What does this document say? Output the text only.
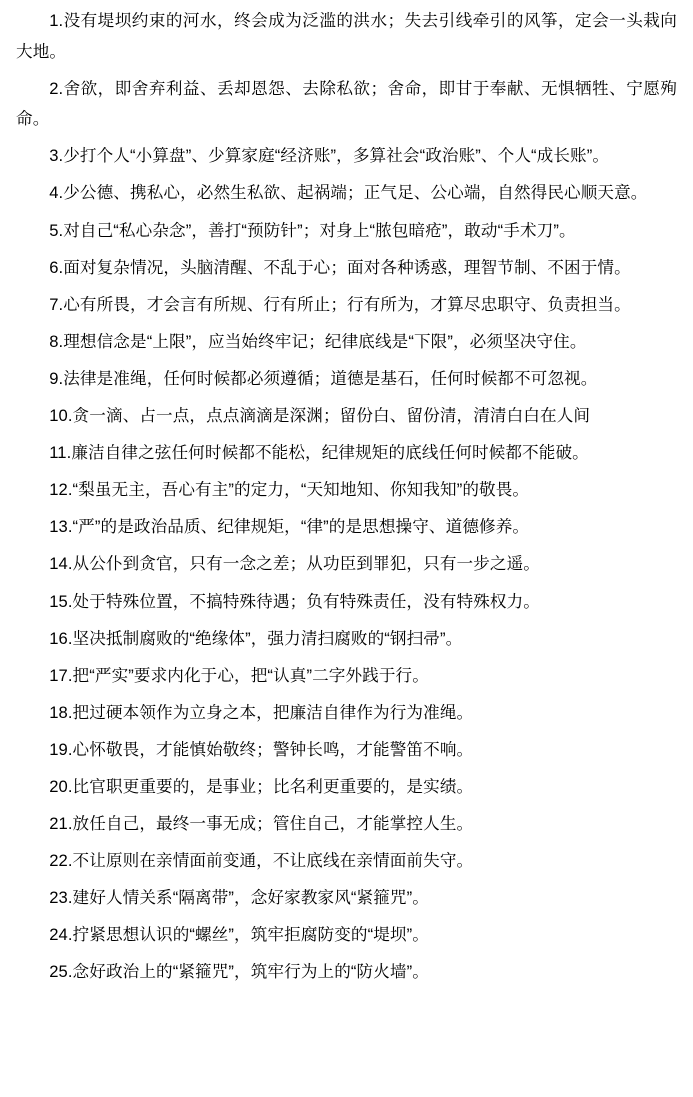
1.没有堤坝约束的河水，终会成为泛滥的洪水；失去引线牵引的风筝，定会一头栽向大地。
2.舍欲，即舍弃利益、丢却恩怨、去除私欲；舍命，即甘于奉献、无惧牺牲、宁愿殉命。
3.少打个人“小算盘”、少算家庭“经济账”，多算社会“政治账”、个人“成长账”。
4.少公德、携私心，必然生私欲、起祸端；正气足、公心端，自然得民心顺天意。
5.对自己“私心杂念”，善打“预防针”；对身上“脓包暗疮”，敢动“手术刀”。
6.面对复杂情况，头脑清醒、不乱于心；面对各种诱惑，理智节制、不困于情。
7.心有所畏，才会言有所规、行有所止；行有所为，才算尽忠职守、负责担当。
8.理想信念是“上限”，应当始终牢记；纪律底线是“下限”，必须坚决守住。
9.法律是准绳，任何时候都必须遵循；道德是基石，任何时候都不可忽视。
10.贪一滴、占一点，点点滴滴是深渊；留份白、留份清，清清白白在人间
11.廉洁自律之弦任何时候都不能松，纪律规矩的底线任何时候都不能破。
12.“梨虽无主，吾心有主”的定力，“天知地知、你知我知”的敬畏。
13.“严”的是政治品质、纪律规矩，“律”的是思想操守、道德修养。
14.从公仆到贪官，只有一念之差；从功臣到罪犯，只有一步之遥。
15.处于特殊位置，不搞特殊待遇；负有特殊责任，没有特殊权力。
16.坚决抵制腐败的“绝缘体”，强力清扫腐败的“钢扫帚”。
17.把“严实”要求内化于心，把“认真”二字外践于行。
18.把过硬本领作为立身之本，把廉洁自律作为行为准绳。
19.心怀敬畏，才能慎始敬终；警钟长鸣，才能警笛不响。
20.比官职更重要的，是事业；比名利更重要的，是实绩。
21.放任自己，最终一事无成；管住自己，才能掌控人生。
22.不让原则在亲情面前变通，不让底线在亲情面前失守。
23.建好人情关系“隔离带”，念好家教家风“紧箍咒”。
24.拧紧思想认识的“螺丝”，筑牢拒腐防变的“堤坝”。
25.念好政治上的“紧箍咒”，筑牢行为上的“防火墙”。
